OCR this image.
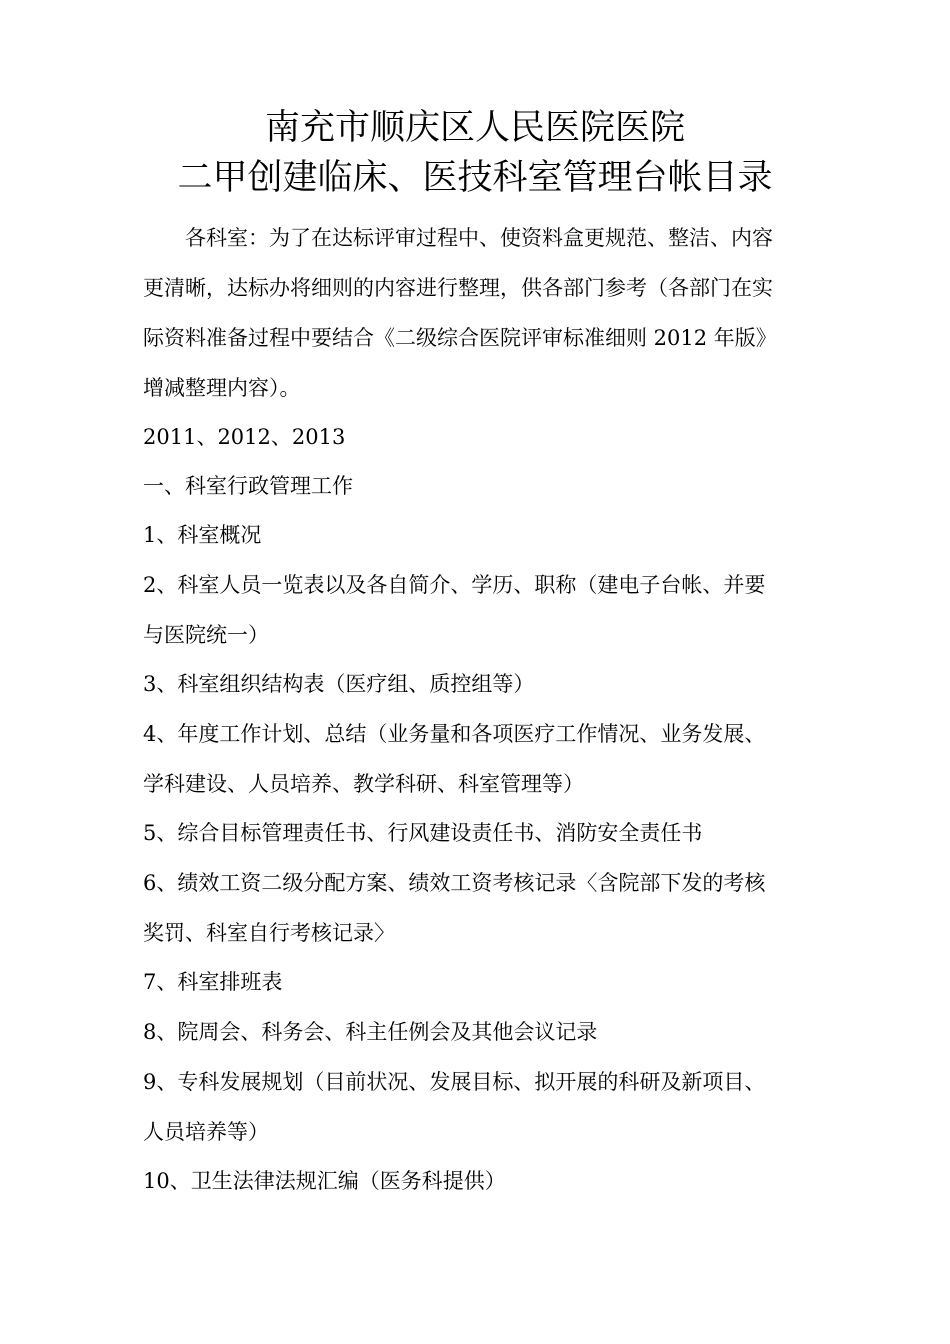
南充市顺庆区人民医院医院
二甲创建临床、医技科室管理台帐目录
各科室：为了在达标评审过程中、使资料盒更规范、整洁、内容
更清晰，达标办将细则的内容进行整理，供各部门参考（各部门在实
际资料准备过程中要结合《二级综合医院评审标准细则 2012 年版》
增减整理内容）。
2011、2012、2013
一、科室行政管理工作
1、科室概况
2、科室人员一览表以及各自简介、学历、职称（建电子台帐、并要
与医院统一）
3、科室组织结构表（医疗组、质控组等）
4、年度工作计划、总结（业务量和各项医疗工作情况、业务发展、
学科建设、人员培养、教学科研、科室管理等）
5、综合目标管理责任书、行风建设责任书、消防安全责任书
6、绩效工资二级分配方案、绩效工资考核记录〈含院部下发的考核
奖罚、科室自行考核记录〉
7、科室排班表
8、院周会、科务会、科主任例会及其他会议记录
9、专科发展规划（目前状况、发展目标、拟开展的科研及新项目、
人员培养等）
10、卫生法律法规汇编（医务科提供）
